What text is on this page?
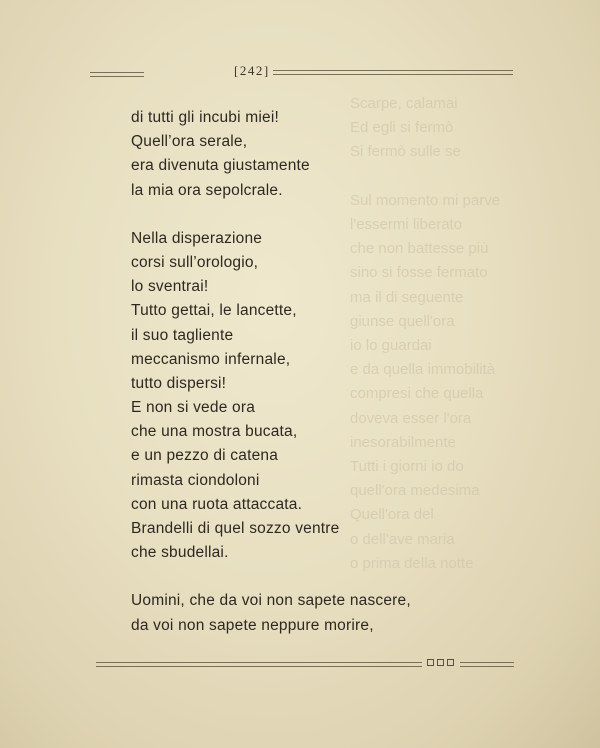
Scarpe, calamai
Ed egli si fermò
Si fermò sulle se

Sul momento mi parve
l'essermi liberato
che non battesse più
sino si fosse fermato
ma il di seguente
giunse quell'ora
io lo guardai
e da quella immobilità
compresi che quella
doveva esser l'ora
inesorabilmente
Tutti i giorni io do
quell'ora medesima
Quell'ora del
o dell'ave maria
o prima della notte
[242]
di tutti gli incubi miei!
Quell’ora serale,
era divenuta giustamente
la mia ora sepolcrale.
Nella disperazione
corsi sull’orologio,
lo sventrai!
Tutto gettai, le lancette,
il suo tagliente
meccanismo infernale,
tutto dispersi!
E non si vede ora
che una mostra bucata,
e un pezzo di catena
rimasta ciondoloni
con una ruota attaccata.
Brandelli di quel sozzo ventre
che sbudellai.
Uomini, che da voi non sapete nascere,
da voi non sapete neppure morire,
